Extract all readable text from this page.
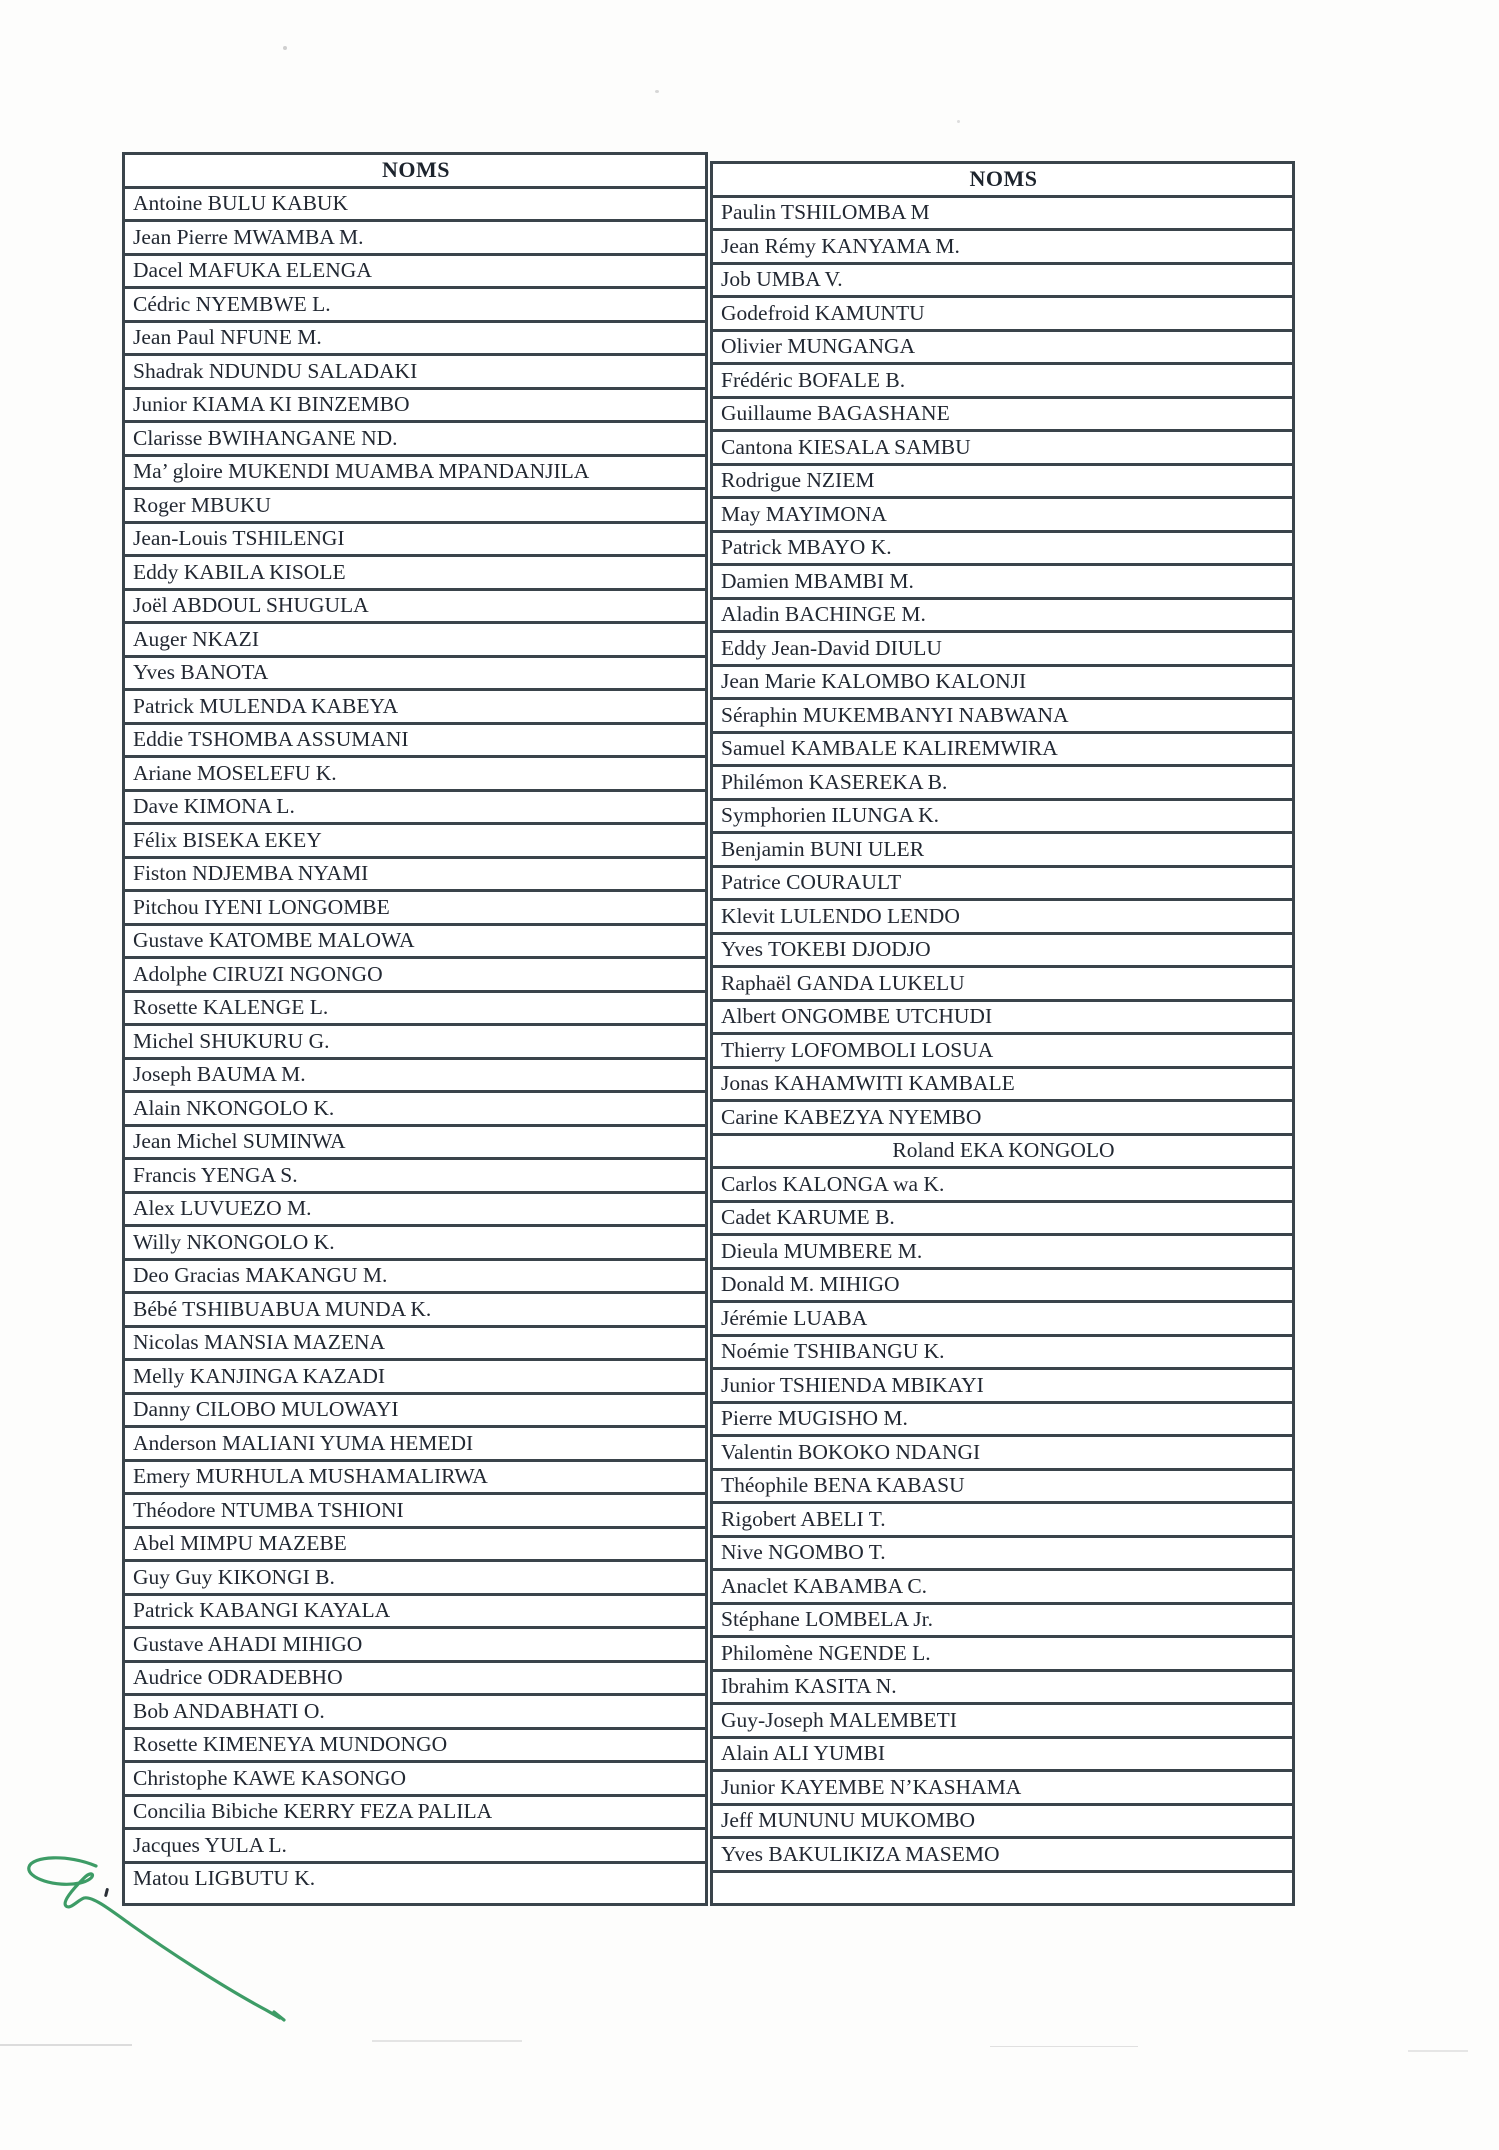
NOMS
Antoine BULU KABUK
Jean Pierre MWAMBA M.
Dacel MAFUKA ELENGA
Cédric NYEMBWE L.
Jean Paul NFUNE M.
Shadrak NDUNDU SALADAKI
Junior KIAMA KI BINZEMBO
Clarisse BWIHANGANE ND.
Ma’ gloire MUKENDI MUAMBA MPANDANJILA
Roger MBUKU
Jean-Louis TSHILENGI
Eddy KABILA KISOLE
Joël ABDOUL SHUGULA
Auger NKAZI
Yves BANOTA
Patrick MULENDA KABEYA
Eddie TSHOMBA ASSUMANI
Ariane MOSELEFU K.
Dave KIMONA L.
Félix BISEKA EKEY
Fiston NDJEMBA NYAMI
Pitchou IYENI LONGOMBE
Gustave KATOMBE MALOWA
Adolphe CIRUZI NGONGO
Rosette KALENGE L.
Michel SHUKURU G.
Joseph BAUMA M.
Alain NKONGOLO K.
Jean Michel SUMINWA
Francis YENGA S.
Alex LUVUEZO M.
Willy NKONGOLO K.
Deo Gracias MAKANGU M.
Bébé TSHIBUABUA MUNDA K.
Nicolas MANSIA MAZENA
Melly KANJINGA KAZADI
Danny CILOBO MULOWAYI
Anderson MALIANI YUMA HEMEDI
Emery MURHULA MUSHAMALIRWA
Théodore NTUMBA TSHIONI
Abel MIMPU MAZEBE
Guy Guy KIKONGI B.
Patrick KABANGI KAYALA
Gustave AHADI MIHIGO
Audrice ODRADEBHO
Bob ANDABHATI O.
Rosette KIMENEYA MUNDONGO
Christophe KAWE KASONGO
Concilia Bibiche KERRY FEZA PALILA
Jacques YULA L.
Matou LIGBUTU K.
NOMS
Paulin TSHILOMBA M
Jean Rémy KANYAMA M.
Job UMBA V.
Godefroid KAMUNTU
Olivier MUNGANGA
Frédéric BOFALE B.
Guillaume BAGASHANE
Cantona KIESALA SAMBU
Rodrigue NZIEM
May MAYIMONA
Patrick MBAYO K.
Damien MBAMBI M.
Aladin BACHINGE M.
Eddy Jean-David DIULU
Jean Marie KALOMBO KALONJI
Séraphin MUKEMBANYI NABWANA
Samuel KAMBALE KALIREMWIRA
Philémon KASEREKA B.
Symphorien ILUNGA K.
Benjamin BUNI ULER
Patrice COURAULT
Klevit LULENDO LENDO
Yves TOKEBI DJODJO
Raphaël GANDA LUKELU
Albert ONGOMBE UTCHUDI
Thierry LOFOMBOLI LOSUA
Jonas KAHAMWITI KAMBALE
Carine KABEZYA NYEMBO
Roland EKA KONGOLO
Carlos KALONGA wa K.
Cadet KARUME B.
Dieula MUMBERE M.
Donald M. MIHIGO
Jérémie LUABA
Noémie TSHIBANGU K.
Junior TSHIENDA MBIKAYI
Pierre MUGISHO M.
Valentin BOKOKO NDANGI
Théophile BENA KABASU
Rigobert ABELI T.
Nive NGOMBO T.
Anaclet KABAMBA C.
Stéphane LOMBELA Jr.
Philomène NGENDE L.
Ibrahim KASITA N.
Guy-Joseph MALEMBETI
Alain ALI YUMBI
Junior KAYEMBE N’KASHAMA
Jeff MUNUNU MUKOMBO
Yves BAKULIKIZA MASEMO
